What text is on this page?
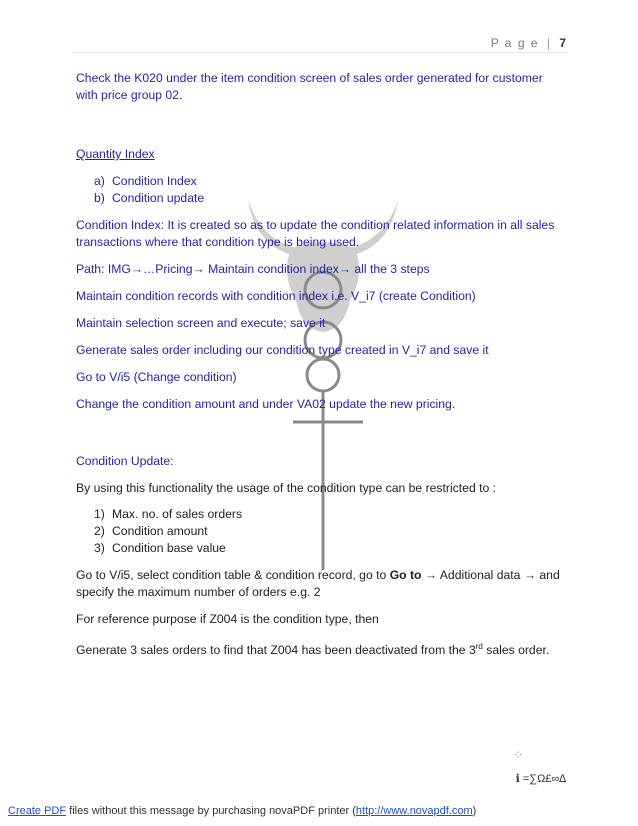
P a g e | 7

Check the K020 under the item condition screen of sales order generated for customer with price group 02.

Quantity Index

a) Condition Index
b) Condition update

Condition Index: It is created so as to update the condition related information in all sales transactions where that condition type is being used.

Path: IMG→…Pricing→ Maintain condition index→ all the 3 steps

Maintain condition records with condition index i.e. V_i7 (create Condition)

Maintain selection screen and execute; save it

Generate sales order including our condition type created in V_i7 and save it

Go to V/i5 (Change condition)

Change the condition amount and under VA02 update the new pricing.

Condition Update:

By using this functionality the usage of the condition type can be restricted to :

1) Max. no. of sales orders
2) Condition amount
3) Condition base value

Go to V/i5, select condition table & condition record, go to Go to → Additional data → and specify the maximum number of orders e.g. 2

For reference purpose if Z004 is the condition type, then

Generate 3 sales orders to find that Z004 has been deactivated from the 3rd sales order.

⁘
ℹ =∑Ω£∞∆
Create PDF files without this message by purchasing novaPDF printer (http://www.novapdf.com)
